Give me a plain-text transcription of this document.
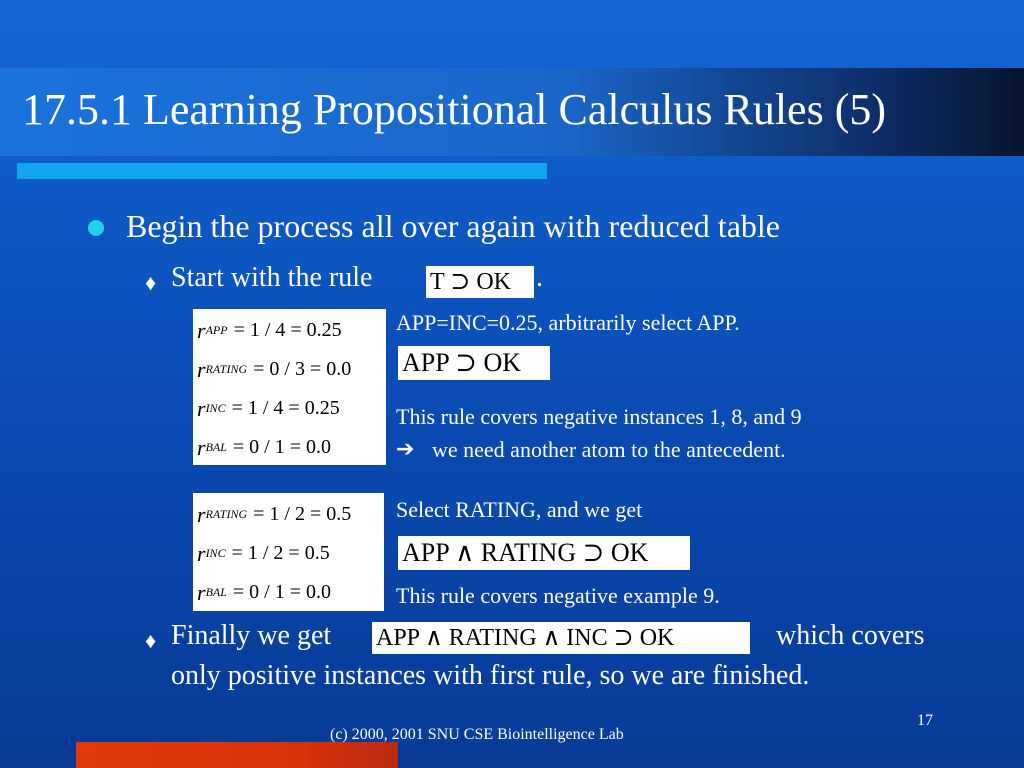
17.5.1 Learning Propositional Calculus Rules (5)
Begin the process all over again with reduced table
♦ Start with the rule T ⊃ OK .
r APP = 1 / 4 = 0.25
r RATING = 0 / 3 = 0.0
r INC = 1 / 4 = 0.25
r BAL = 0 / 1 = 0.0
APP=INC=0.25, arbitrarily select APP.
APP ⊃ OK
This rule covers negative instances 1, 8, and 9
➔ we need another atom to the antecedent.
r RATING = 1 / 2 = 0.5
r INC = 1 / 2 = 0.5
r BAL = 0 / 1 = 0.0
Select RATING, and we get
APP ∧ RATING ⊃ OK
This rule covers negative example 9.
♦ Finally we get APP ∧ RATING ∧ INC ⊃ OK	which covers
only positive instances with first rule, so we are finished.
(c) 2000, 2001 SNU CSE Biointelligence Lab
17
